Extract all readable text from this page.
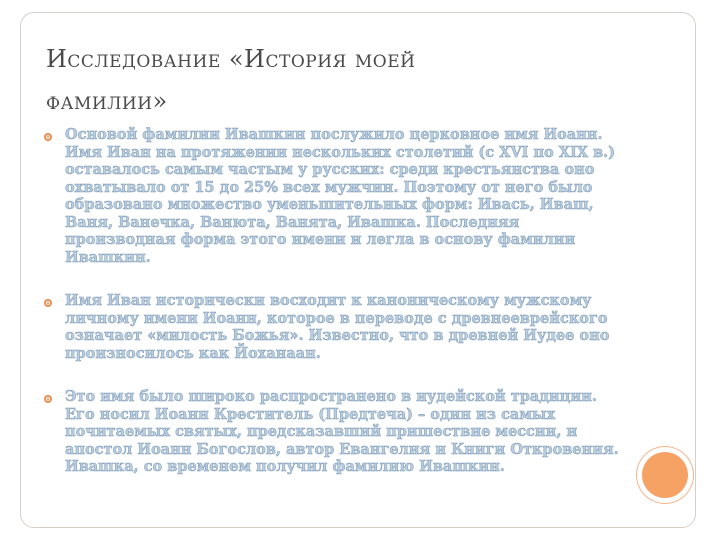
Исследование «История моей
фамилии»
Основой фамилии Ивашкин послужило церковное имя Иоанн. Имя Иван на протяжении нескольких столетий (с XVI по XIX в.) оставалось самым частым у русских: среди крестьянства оно охватывало от 15 до 25% всех мужчин. Поэтому от него было образовано множество уменьшительных форм: Ивась, Иваш, Ваня, Ванечка, Ванюта, Ванята, Ивашка. Последняя производная форма этого имени и легла в основу фамилии Ивашкин.
Имя Иван исторически восходит к каноническому мужскому личному имени Иоанн, которое в переводе с древнееврейского означает «милость Божья». Известно, что в древней Иудее оно произносилось как Йоханаан.
Это имя было широко распространено в иудейской традиции. Его носил Иоанн Креститель (Предтеча) – один из самых почитаемых святых, предсказавший пришествие мессии, и апостол Иоанн Богослов, автор Евангелия и Книги Откровения. Ивашка, со временем получил фамилию Ивашкин.
